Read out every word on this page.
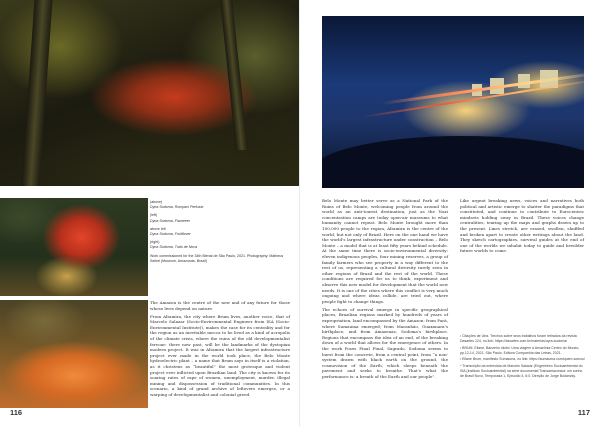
(above)
Dyna Sodoma, Rompaci Perfuzar
(left)
Dyna Sodoma, Flameeer
above left
Dyna Sodoma, Fruitflover
(right)
Dyna Sodoma, Tudo de Nova
Work commissioned for the 34th Bienal de São Paulo, 2021. Photography: Matheus Seibel (Museum, Amazonas, Brazil)

The Amazon is the centre of the now and of any future for those whose lives depend on nature.

From Altamira, the city where Brum lives, another voice, that of Marcelo Salazar (Socio-Environmental Engineer from ISA (Socio-Environmental Institute)), makes the case for its centrality and for the region as an inevitable mecca to be lived as a kind of acropolis of the climate crisis, where the ruins of the old developmentalist fervour: there now past, will be the landmarks of the dystopian modern project. It was in Altamira that the largest infrastructure project ever made in the world took place, the Belo Monte hydroelectric plant – a name that Brum says in itself is a violation, as it christens as “beautiful” the most grotesque and violent project ever inflicted upon Brazilian land. The city is known for its soaring rates of rape of women, unemployment, murder, illegal mining and dispossession of traditional communities. In this scenario, a kind of grand archive of leftovers emerges, or a warping of developmentalist and colonial greed.

116

Belo Monte may better serve as a National Park of the Ruins of Belo Monte, welcoming people from around the world as an anti-tourist destination, just as the Nazi concentration camps are today open-air museums to what humanity cannot repeat. Belo Monte brought more than 100,000 people to the region, Altamira is the centre of the world, but not only of Brazil. Here on the one hand we have the world’s largest infrastructure under construction – Belo Monte – a model that is at least fifty years behind schedule. At the same time there is socio-environmental diversity: eleven indigenous peoples, four mining reserves, a group of family farmers who see property in a way different to the rest of us, representing a cultural diversity rarely seen in other regions of Brazil and the rest of the world. These conditions are required for us to think, experiment and observe this new model for development that the world now needs. It is one of the cities where this conflict is very much ongoing and where ideas collide, are tried out, where people fight to change things.

The echoes of survival emerge in specific geographical places, Brazilian regions marked by hundreds of years of expropriation, land encompassed by the Amazon: from Pará, where Sumauma emerged; from Maranhão, Guaxanara’s birthplace, and from Amazonas, Sodoma’s birthplace. Regions that encompass the idea of an end, of the breaking down of a world that allows for the emergence of others. In the work Poses Final Final, Sagrado, Sodoma seems to burst from the concrete, from a central point, from “a non-system drawn with black earth on the ground, the cosmovision of the Earth, which sleeps beneath the pavement and seeks to breathe. That’s what the performance is: a breath of the Earth and our people”.

Like urgent breaking news, voices and narratives both political and artistic emerge to shatter the paradigms that constituted, and continue to contribute to Eurocentric mindsets holding sway in Brazil. These voices change centralities, tearing up the maps and graphs drawn up to the present. Lines stretch, are erased, swollen, shuffled and broken apart to create other writings about the land. They sketch cartographies, survival guides at the end of one of the worlds we inhabit today to guide and bewilder future worlds to come.

¹ Citações de Utra. Trechos sobre seus trabalhos foram retirados da revista Dasartes 124, no link: https://dasartes.com.br/materias/uyra-sodoma/

² BRUM, Eliane. Banzeiro òkòtó: Uma viagem à Amazônia Centro do Mundo, pp.12-14, 2021. São Paulo. Editora Companhia das Letras, 2021.

³ Eliane Brum, manifesto Sumauma, no link: https://sumauma.com/quem-somos/

⁴ Transcrição da entrevista de Marcelo Salazar (Engenheiro Socioambiental do ISA (Instituto Socioambiental) na série documental Transamazonica: um sonho de Brasil Novo, Temporada 1, Episódio 3, 6:0. Direção de Jorge Bodanzky.

117
